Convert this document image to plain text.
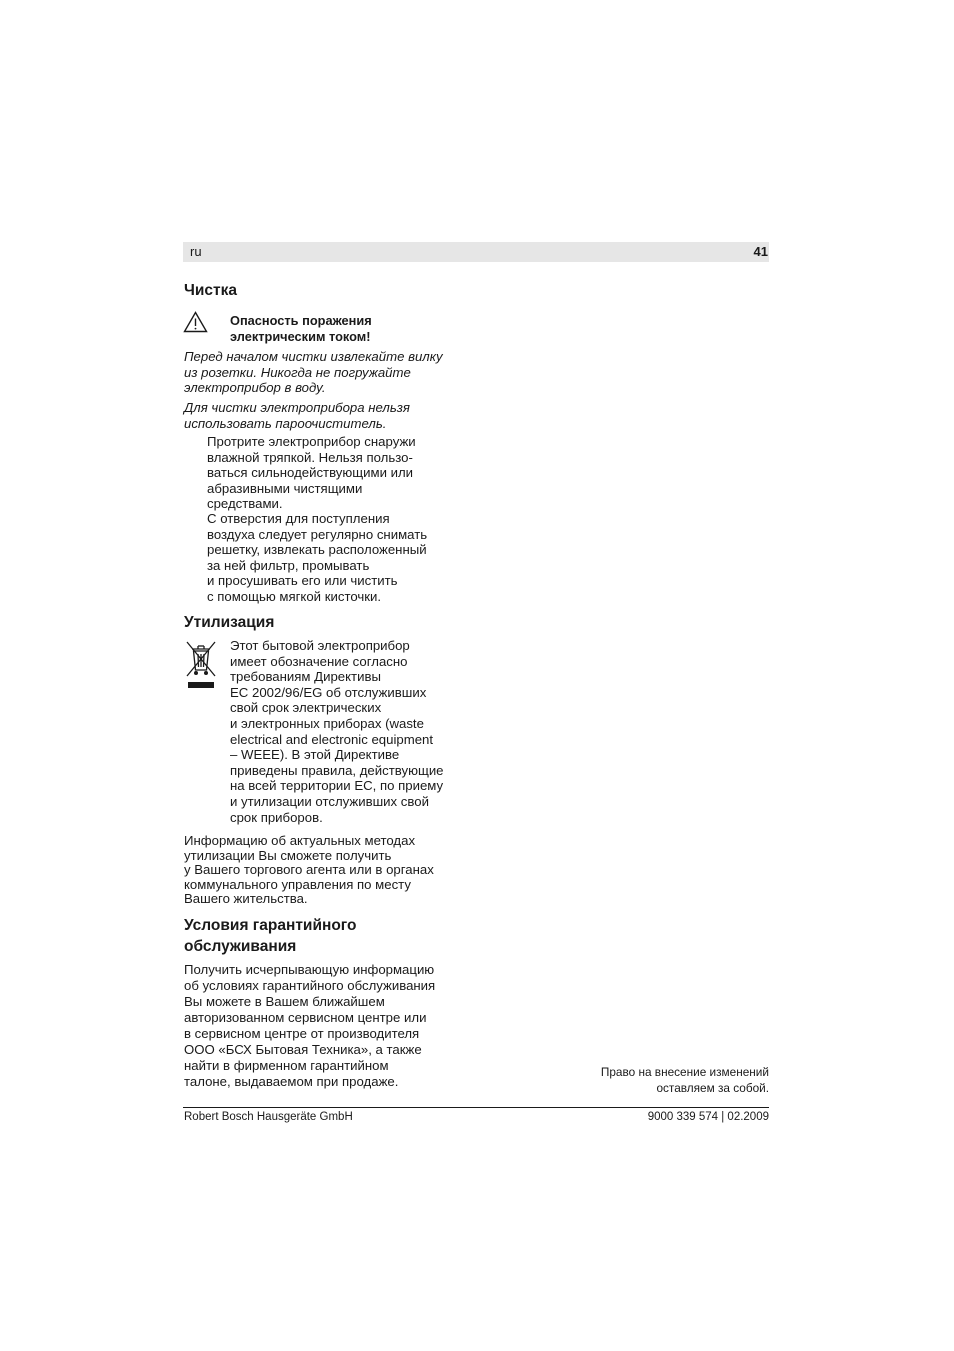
ru	41
Чистка

Опасность поражения
электрическим током!

Перед началом чистки извлекайте вилку
из розетки. Никогда не погружайте
электроприбор в воду.

Для чистки электроприбора нельзя
использовать пароочиститель.

Протрите электроприбор снаружи
влажной тряпкой. Нельзя пользо-
ваться сильнодействующими или
абразивными чистящими
средствами.

С отверстия для поступления
воздуха следует регулярно снимать
решетку, извлекать расположенный
за ней фильтр, промывать
и просушивать его или чистить
с помощью мягкой кисточки.

Утилизация

Этот бытовой электроприбор
имеет обозначение согласно
требованиям Директивы
EC 2002/96/EG об отслуживших
свой срок электрических
и электронных приборах (waste
electrical and electronic equipment
– WEEE). В этой Директиве
приведены правила, действующие
на всей территории ЕС, по приему
и утилизации отслуживших свой
срок приборов.

Информацию об актуальных методах
утилизации Вы сможете получить
у Вашего торгового агента или в органах
коммунального управления по месту
Вашего жительства.

Условия гарантийного
обслуживания

Получить исчерпывающую информацию
об условиях гарантийного обслуживания
Вы можете в Вашем ближайшем
авторизованном сервисном центре или
в сервисном центре от производителя
ООО «БСХ Бытовая Техника», а также
найти в фирменном гарантийном
талоне, выдаваемом при продаже.

Право на внесение изменений
оставляем за собой.

Robert Bosch Hausgeräte GmbH	9000 339 574 | 02.2009
